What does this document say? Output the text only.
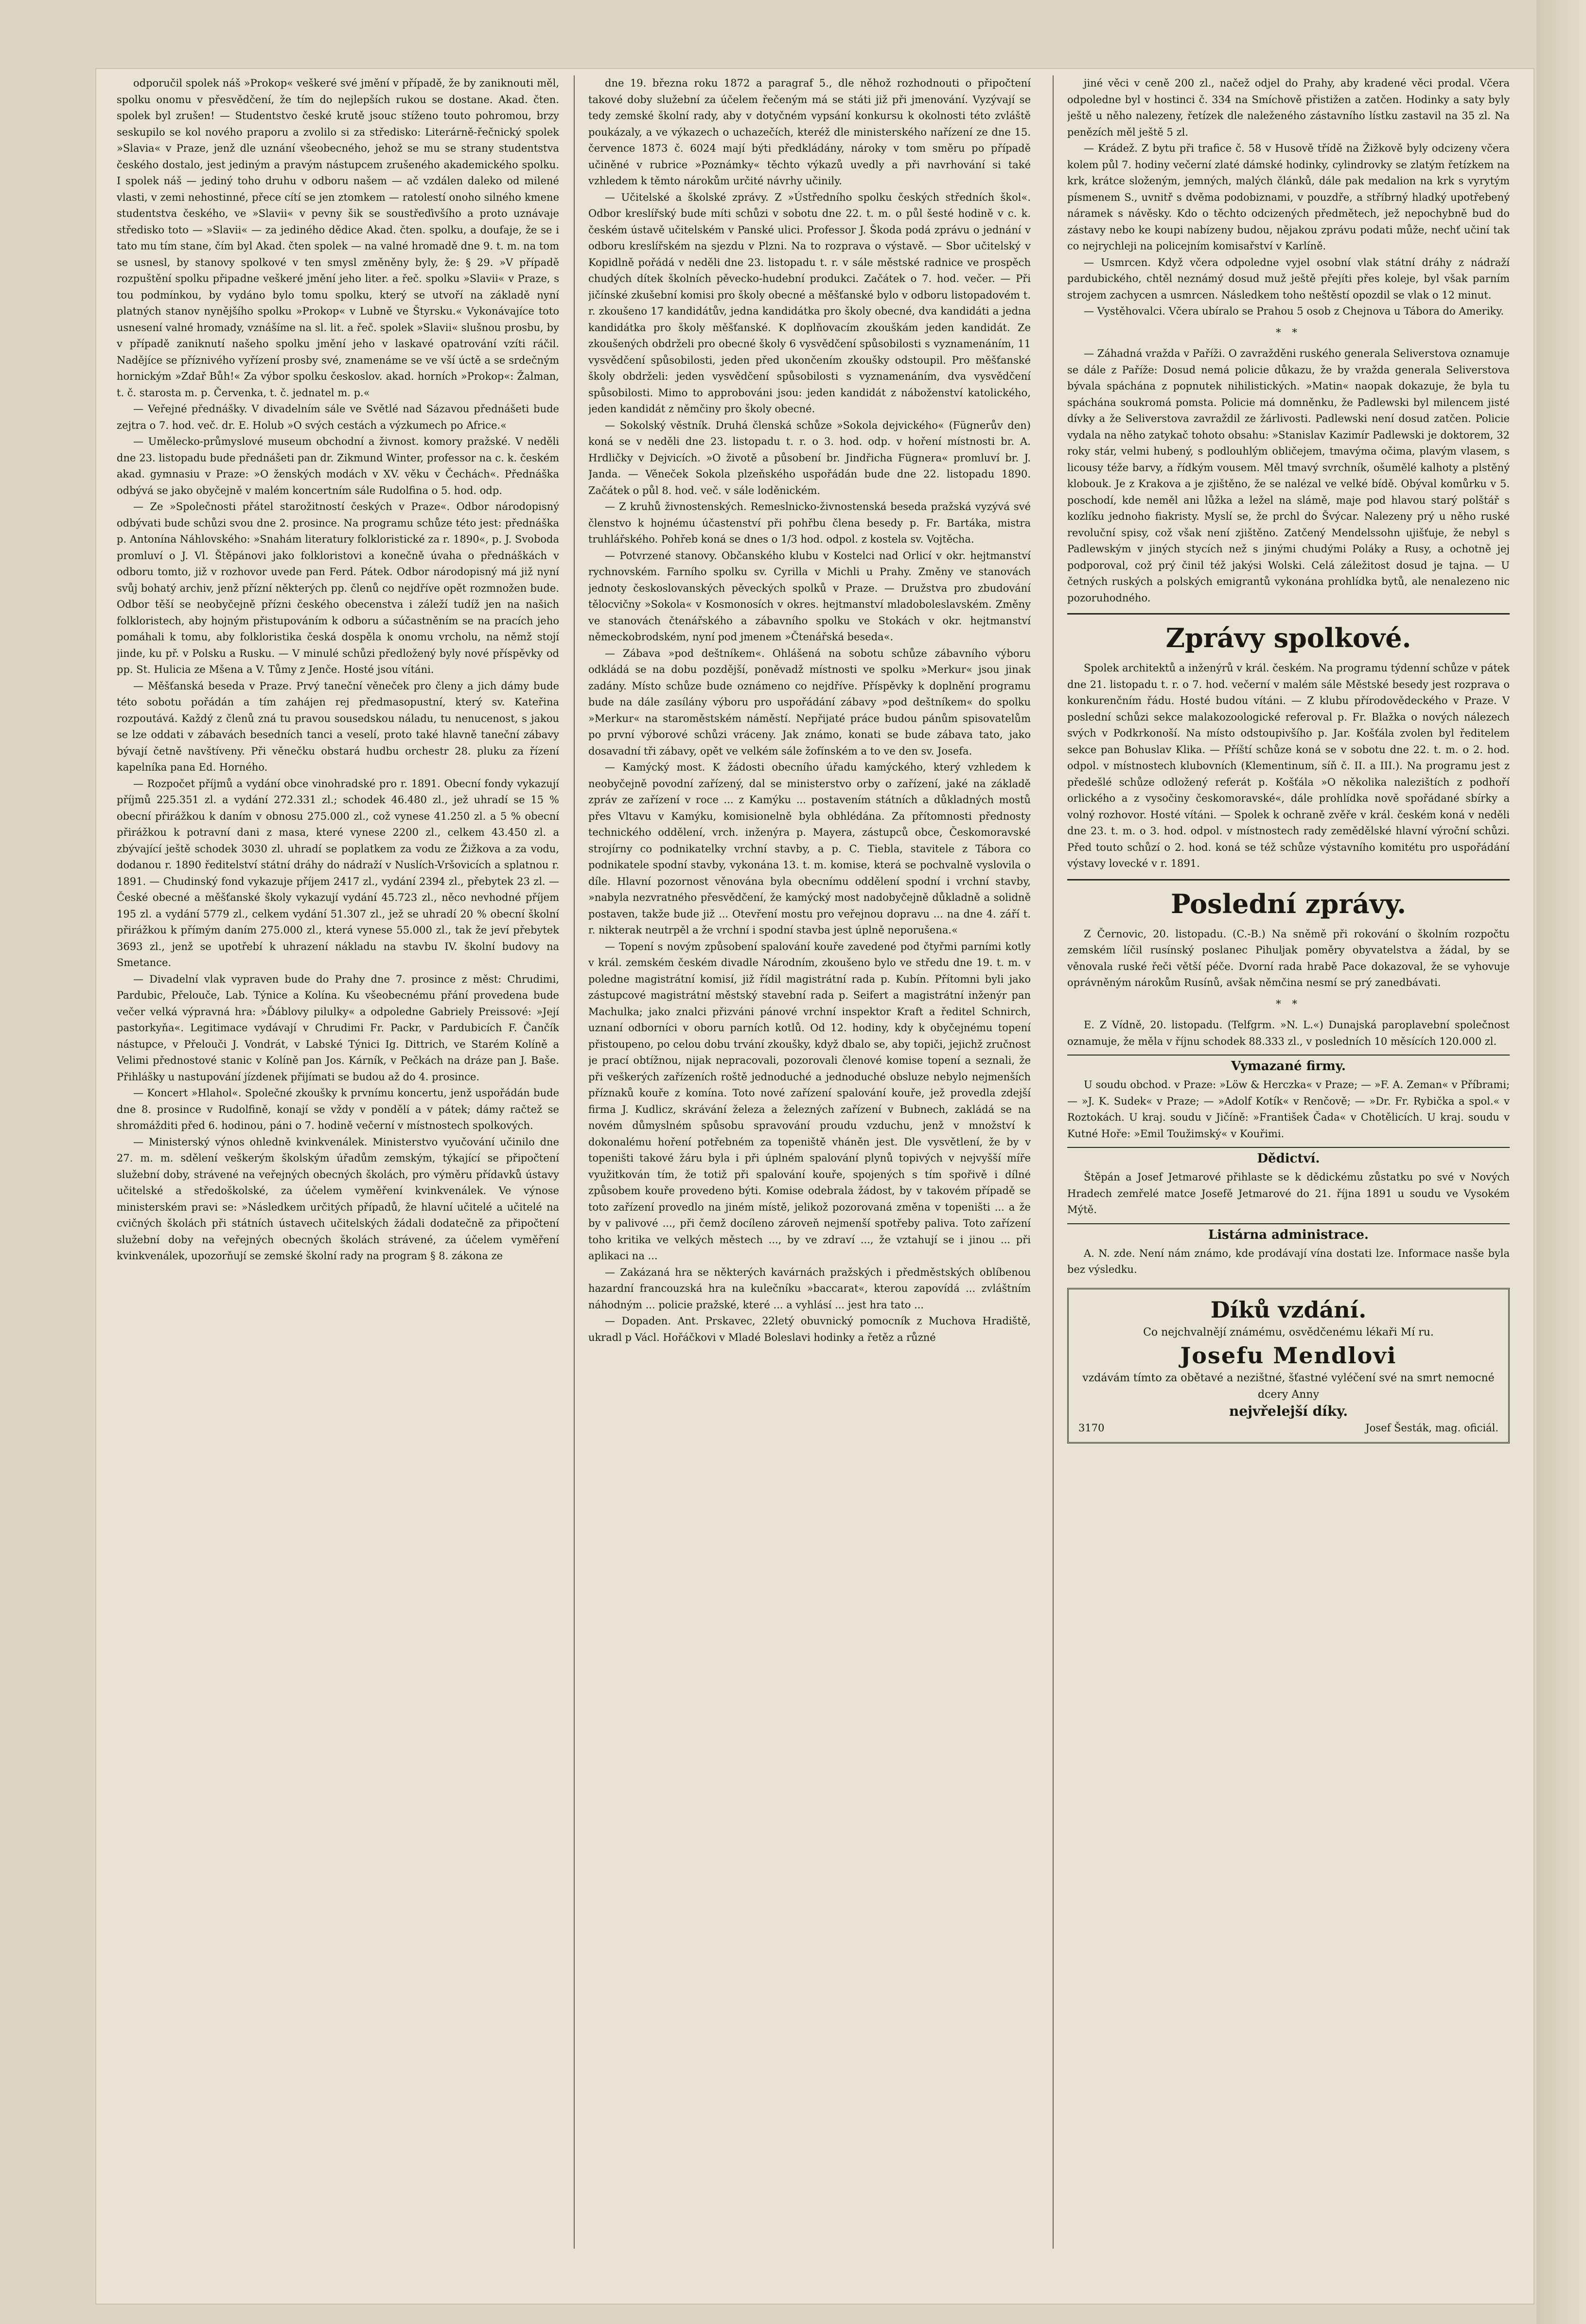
odporučil spolek náš »Prokop« veškeré své jmění v případě, že by zaniknouti měl, spolku onomu v přesvědčení, že tím do nejlepších rukou se dostane. Akad. čten. spolek byl zrušen! — Studentstvo české krutě jsouc stíženo touto pohromou, brzy seskupilo se kol nového praporu a zvolilo si za středisko: Literárně-řečnický spolek »Slavia« v Praze, jenž dle uznání všeobecného, jehož se mu se strany studentstva českého dostalo, jest jediným a pravým nástupcem zrušeného akademického spolku. I spolek náš — jediný toho druhu v odboru našem — ač vzdálen daleko od milené vlasti, v zemi nehostinné, přece cítí se jen ztomkem — ratolestí onoho silného kmene studentstva českého, ve »Slavii« v pevny šik se soustřeďivšího a proto uznávaje středisko toto — »Slavii« — za jediného dědice Akad. čten. spolku, a doufaje, že se i tato mu tím stane, čím byl Akad. čten spolek — na valné hromadě dne 9. t. m. na tom se usnesl, by stanovy spolkové v ten smysl změněny byly, že: § 29. »V případě rozpuštění spolku připadne veškeré jmění jeho liter. a řeč. spolku »Slavii« v Praze, s tou podmínkou, by vydáno bylo tomu spolku, který se utvoří na základě nyní platných stanov nynějšího spolku »Prokop« v Lubně ve Štyrsku.« Vykonávajíce toto usnesení valné hromady, vznášíme na sl. lit. a řeč. spolek »Slavii« slušnou prosbu, by v případě zaniknutí našeho spolku jmění jeho v laskavé opatrování vzíti ráčil. Nadějíce se příznivého vyřízení prosby své, znamenáme se ve vší úctě a se srdečným hornickým »Zdař Bůh!« Za výbor spolku českoslov. akad. horních »Prokop«: Žalman, t. č. starosta m. p. Červenka, t. č. jednatel m. p.«

— Veřejné přednášky. V divadelním sále ve Světlé nad Sázavou přednášeti bude zejtra o 7. hod. več. dr. E. Holub »O svých cestách a výzkumech po Africe.«

— Umělecko-průmyslové museum obchodní a živnost. komory pražské. V neděli dne 23. listopadu bude přednášeti pan dr. Zikmund Winter, professor na c. k. českém akad. gymnasiu v Praze: »O ženských modách v XV. věku v Čechách«. Přednáška odbývá se jako obyčejně v malém koncertním sále Rudolfina o 5. hod. odp.

— Ze »Společnosti přátel starožitností českých v Praze«. Odbor národopisný odbývati bude schůzi svou dne 2. prosince. Na programu schůze této jest: přednáška p. Antonína Náhlovského: »Snahám literatury folkloristické za r. 1890«, p. J. Svoboda promluví o J. Vl. Štěpánovi jako folkloristovi a konečně úvaha o přednáškách v odboru tomto, již v rozhovor uvede pan Ferd. Pátek. Odbor národopisný má již nyní svůj bohatý archiv, jenž přízní některých pp. členů co nejdříve opět rozmnožen bude. Odbor těší se neobyčejně přízni českého obecenstva i záleží tudíž jen na našich folkloristech, aby hojným přistupováním k odboru a súčastněním se na pracích jeho pomáhali k tomu, aby folkloristika česká dospěla k onomu vrcholu, na němž stojí jinde, ku př. v Polsku a Rusku. — V minulé schůzi předložený byly nové příspěvky od pp. St. Hulicia ze Mšena a V. Tůmy z Jenče. Hosté jsou vítáni.

— Měšťanská beseda v Praze. Prvý taneční věneček pro členy a jich dámy bude této sobotu pořádán a tím zahájen rej předmasopustní, který sv. Kateřina rozpoutává. Každý z členů zná tu pravou sousedskou náladu, tu nenucenost, s jakou se lze oddati v zábavách besedních tanci a veselí, proto také hlavně taneční zábavy bývají četně navštíveny. Při věnečku obstará hudbu orchestr 28. pluku za řízení kapelníka pana Ed. Horného.

— Rozpočet příjmů a vydání obce vinohradské pro r. 1891. Obecní fondy vykazují příjmů 225.351 zl. a vydání 272.331 zl.; schodek 46.480 zl., jež uhradí se 15 % obecní přirážkou k daním v obnosu 275.000 zl., což vynese 41.250 zl. a 5 % obecní přirážkou k potravní dani z masa, které vynese 2200 zl., celkem 43.450 zl. a zbývající ještě schodek 3030 zl. uhradí se poplatkem za vodu ze Žižkova a za vodu, dodanou r. 1890 ředitelství státní dráhy do nádraží v Nuslích-Vršovicích a splatnou r. 1891. — Chudinský fond vykazuje příjem 2417 zl., vydání 2394 zl., přebytek 23 zl. — České obecné a měšťanské školy vykazují vydání 45.723 zl., něco nevhodné příjem 195 zl. a vydání 5779 zl., celkem vydání 51.307 zl., jež se uhradí 20 % obecní školní přirážkou k přímým daním 275.000 zl., která vynese 55.000 zl., tak že jeví přebytek 3693 zl., jenž se upotřebí k uhrazení nákladu na stavbu IV. školní budovy na Smetance.

— Divadelní vlak vypraven bude do Prahy dne 7. prosince z měst: Chrudimi, Pardubic, Přelouče, Lab. Týnice a Kolína. Ku všeobecnému přání provedena bude večer velká výpravná hra: »Ďáblovy pilulky« a odpoledne Gabriely Preissové: »Její pastorkyňa«. Legitimace vydávají v Chrudimi Fr. Packr, v Pardubicích F. Čančík nástupce, v Přelouči J. Vondrát, v Labské Týnici Ig. Dittrich, ve Starém Kolíně a Velimi přednostové stanic v Kolíně pan Jos. Kárník, v Pečkách na dráze pan J. Baše. Přihlášky u nastupování jízdenek přijímati se budou až do 4. prosince.

— Koncert »Hlahol«. Společné zkoušky k prvnímu koncertu, jenž uspořádán bude dne 8. prosince v Rudolfině, konají se vždy v pondělí a v pátek; dámy račtež se shromážditi před 6. hodinou, páni o 7. hodině večerní v místnostech spolkových.

— Ministerský výnos ohledně kvinkvenálek. Ministerstvo vyučování učinilo dne 27. m. m. sdělení veškerým školským úřadům zemským, týkající se připočtení služební doby, strávené na veřejných obecných školách, pro výměru přídavků ústavy učitelské a středoškolské, za účelem vyměření kvinkvenálek. Ve výnose ministerském pravi se: »Následkem určitých případů, že hlavní učitelé a učitelé na cvičných školách při státních ústavech učitelských žádali dodatečně za připočtení služební doby na veřejných obecných školách strávené, za účelem vyměření kvinkvenálek, upozorňují se zemské školní rady na program § 8. zákona ze

dne 19. března roku 1872 a paragraf 5., dle něhož rozhodnouti o připočtení takové doby služební za účelem řečeným má se státi již při jmenování. Vyzývají se tedy zemské školní rady, aby v dotyčném vypsání konkursu k okolnosti této zvláště poukázaly, a ve výkazech o uchazečích, kteréž dle ministerského nařízení ze dne 15. července 1873 č. 6024 mají býti předkládány, nároky v tom směru po případě učiněné v rubrice »Poznámky« těchto výkazů uvedly a při navrhování si také vzhledem k těmto nárokům určité návrhy učinily.

— Učitelské a školské zprávy. Z »Ústředního spolku českých středních škol«. Odbor kreslířský bude míti schůzi v sobotu dne 22. t. m. o půl šesté hodině v c. k. českém ústavě učitelském v Panské ulici. Professor J. Škoda podá zprávu o jednání v odboru kreslířském na sjezdu v Plzni. Na to rozprava o výstavě. — Sbor učitelský v Kopidlně pořádá v neděli dne 23. listopadu t. r. v sále městské radnice ve prospěch chudých dítek školních pěvecko-hudební produkci. Začátek o 7. hod. večer. — Při jičínské zkušební komisi pro školy obecné a měšťanské bylo v odboru listopadovém t. r. zkoušeno 17 kandidátův, jedna kandidátka pro školy obecné, dva kandidáti a jedna kandidátka pro školy měšťanské. K doplňovacím zkouškám jeden kandidát. Ze zkoušených obdrželi pro obecné školy 6 vysvědčení spůsobilosti s vyznamenáním, 11 vysvědčení spůsobilosti, jeden před ukončením zkoušky odstoupil. Pro měšťanské školy obdrželi: jeden vysvědčení spůsobilosti s vyznamenáním, dva vysvědčení spůsobilosti. Mimo to approbováni jsou: jeden kandidát z náboženství katolického, jeden kandidát z němčiny pro školy obecné.

— Sokolský věstník. Druhá členská schůze »Sokola dejvického« (Fügnerův den) koná se v neděli dne 23. listopadu t. r. o 3. hod. odp. v hoření místnosti br. A. Hrdličky v Dejvicích. »O životě a působení br. Jindřicha Fügnera« promluví br. J. Janda. — Věneček Sokola plzeňského uspořádán bude dne 22. listopadu 1890. Začátek o půl 8. hod. več. v sále loděnickém.

— Z kruhů živnostenských. Remeslnicko-živnostenská beseda pražská vyzývá své členstvo k hojnému účastenství při pohřbu člena besedy p. Fr. Bartáka, mistra truhlářského. Pohřeb koná se dnes o 1/3 hod. odpol. z kostela sv. Vojtěcha.

— Potvrzené stanovy. Občanského klubu v Kostelci nad Orlicí v okr. hejtmanství rychnovském. Farního spolku sv. Cyrilla v Michli u Prahy. Změny ve stanovách jednoty českoslovanských pěveckých spolků v Praze. — Družstva pro zbudování tělocvičny »Sokola« v Kosmonosích v okres. hejtmanství mladoboleslavském. Změny ve stanovách čtenářského a zábavního spolku ve Stokách v okr. hejtmanství německobrodském, nyní pod jmenem »Čtenářská beseda«.

— Zábava »pod deštníkem«. Ohlášená na sobotu schůze zábavního výboru odkládá se na dobu pozdější, poněvadž místnosti ve spolku »Merkur« jsou jinak zadány. Místo schůze bude oznámeno co nejdříve. Příspěvky k doplnění programu bude na dále zasílány výboru pro uspořádání zábavy »pod deštníkem« do spolku »Merkur« na staroměstském náměstí. Nepřijaté práce budou pánům spisovatelům po první výborové schůzi vráceny. Jak známo, konati se bude zábava tato, jako dosavadní tři zábavy, opět ve velkém sále žofínském a to ve den sv. Josefa.

— Kamýcký most. K žádosti obecního úřadu kamýckého, který vzhledem k neobyčejně povodní zařízený, dal se ministerstvo orby o zařízení, jaké na základě zpráv ze zařízení v roce ... z Kamýku ... postavením státních a důkladných mostů přes Vltavu v Kamýku, komisionelně byla obhlédána. Za přítomnosti přednosty technického oddělení, vrch. inženýra p. Mayera, zástupců obce, Českomoravské strojírny co podnikatelky vrchní stavby, a p. C. Tiebla, stavitele z Tábora co podnikatele spodní stavby, vykonána 13. t. m. komise, která se pochvalně vyslovila o díle. Hlavní pozornost věnována byla obecnímu oddělení spodní i vrchní stavby, »nabyla nezvratného přesvědčení, že kamýcký most nadobyčejně důkladně a solidně postaven, takže bude již ... Otevření mostu pro veřejnou dopravu ... na dne 4. září t. r. nikterak neutrpěl a že vrchní i spodní stavba jest úplně neporušena.«

— Topení s novým způsobení spalování kouře zavedené pod čtyřmi parními kotly v král. zemském českém divadle Národním, zkoušeno bylo ve středu dne 19. t. m. v poledne magistrátní komisí, již řídil magistrátní rada p. Kubín. Přítomni byli jako zástupcové magistrátní městský stavební rada p. Seifert a magistrátní inženýr pan Machulka; jako znalci přizváni pánové vrchní inspektor Kraft a ředitel Schnirch, uznaní odborníci v oboru parních kotlů. Od 12. hodiny, kdy k obyčejnému topení přistoupeno, po celou dobu trvání zkoušky, když dbalo se, aby topiči, jejichž zručnost je prací obtížnou, nijak nepracovali, pozorovali členové komise topení a seznali, že při veškerých zařízeních roště jednoduché a jednoduché obsluze nebylo nejmenších příznaků kouře z komína. Toto nové zařízení spalování kouře, jež provedla zdejší firma J. Kudlicz, skrávání železa a železných zařízení v Bubnech, zakládá se na novém důmyslném spůsobu spravování proudu vzduchu, jenž v množství k dokonalému hoření potřebném za topeniště vháněn jest. Dle vysvětlení, že by v topeništi takové žáru byla i při úplném spalování plynů topivých v nejvyšší míře využitkován tím, že totiž při spalování kouře, spojených s tím spořivě i dílné způsobem kouře provedeno býti. Komise odebrala žádost, by v takovém případě se toto zařízení provedlo na jiném místě, jelikož pozorovaná změna v topeništi ... a že by v palivové ..., při čemž docíleno zároveň nejmenší spotřeby paliva. Toto zařízení toho kritika ve velkých městech ..., by ve zdraví ..., že vztahují se i jinou ... při aplikaci na ...

— Zakázaná hra se některých kavárnách pražských i předměstských oblíbenou hazardní francouzská hra na kulečníku »baccarat«, kterou zapovídá ... zvláštním náhodným ... policie pražské, které ... a vyhlásí ... jest hra tato ...

— Dopaden. Ant. Prskavec, 22letý obuvnický pomocník z Muchova Hradiště, ukradl p Václ. Hořáčkovi v Mladé Boleslavi hodinky a řetěz a různé

jiné věci v ceně 200 zl., načež odjel do Prahy, aby kradené věci prodal. Včera odpoledne byl v hostinci č. 334 na Smíchově přistižen a zatčen. Hodinky a saty byly ještě u něho nalezeny, řetízek dle naleženého zástavního lístku zastavil na 35 zl. Na penězích měl ještě 5 zl.

— Krádež. Z bytu při trafice č. 58 v Husově třídě na Žižkově byly odcizeny včera kolem půl 7. hodiny večerní zlaté dámské hodinky, cylindrovky se zlatým řetízkem na krk, krátce složeným, jemných, malých článků, dále pak medalion na krk s vyrytým písmenem S., uvnitř s dvěma podobiznami, v pouzdře, a stříbrný hladký upotřebený náramek s návěsky. Kdo o těchto odcizených předmětech, jež nepochybně bud do zástavy nebo ke koupi nabízeny budou, nějakou zprávu podati může, nechť učiní tak co nejrychleji na policejním komisařství v Karlíně.

— Usmrcen. Když včera odpoledne vyjel osobní vlak státní dráhy z nádraží pardubického, chtěl neznámý dosud muž ještě přejíti přes koleje, byl však parním strojem zachycen a usmrcen. Následkem toho neštěstí opozdil se vlak o 12 minut.

— Vystěhovalci. Včera ubíralo se Prahou 5 osob z Chejnova u Tábora do Ameriky.

* *

— Záhadná vražda v Paříži. O zavražděni ruského generala Seliverstova oznamuje se dále z Paříže: Dosud nemá policie důkazu, že by vražda generala Seliverstova bývala spáchána z popnutek nihilistických. »Matin« naopak dokazuje, že byla tu spáchána soukromá pomsta. Policie má domněnku, že Padlewski byl milencem jisté dívky a že Seliverstova zavraždil ze žárlivosti. Padlewski není dosud zatčen. Policie vydala na něho zatykač tohoto obsahu: »Stanislav Kazimír Padlewski je doktorem, 32 roky stár, velmi hubený, s podlouhlým obličejem, tmavýma očima, plavým vlasem, s licousy téže barvy, a řídkým vousem. Měl tmavý svrchník, ošumělé kalhoty a plstěný klobouk. Je z Krakova a je zjištěno, že se nalézal ve velké bídě. Obýval komůrku v 5. poschodí, kde neměl ani lůžka a ležel na slámě, maje pod hlavou starý polštář s kozlíku jednoho fiakristy. Myslí se, že prchl do Švýcar. Nalezeny prý u něho ruské revoluční spisy, což však není zjištěno. Zatčený Mendelssohn ujišťuje, že nebyl s Padlewským v jiných stycích než s jinými chudými Poláky a Rusy, a ochotně jej podporoval, což prý činil též jakýsi Wolski. Celá záležitost dosud je tajna. — U četných ruských a polských emigrantů vykonána prohlídka bytů, ale nenalezeno nic pozoruhodného.

Zprávy spolkové.

Spolek architektů a inženýrů v král. českém. Na programu týdenní schůze v pátek dne 21. listopadu t. r. o 7. hod. večerní v malém sále Městské besedy jest rozprava o konkurenčním řádu. Hosté budou vítáni. — Z klubu přírodovědeckého v Praze. V poslední schůzi sekce malakozoologické referoval p. Fr. Blažka o nových nálezech svých v Podkrkonoší. Na místo odstoupivšího p. Jar. Košťála zvolen byl ředitelem sekce pan Bohuslav Klika. — Příští schůze koná se v sobotu dne 22. t. m. o 2. hod. odpol. v místnostech klubovních (Klementinum, síň č. II. a III.). Na programu jest z předešlé schůze odložený referát p. Košťála »O několika nalezištích z podhoří orlického a z vysočiny českomoravské«, dále prohlídka nově spořádané sbírky a volný rozhovor. Hosté vítáni. — Spolek k ochraně zvěře v král. českém koná v neděli dne 23. t. m. o 3. hod. odpol. v místnostech rady zemědělské hlavní výroční schůzi. Před touto schůzí o 2. hod. koná se též schůze výstavního komitétu pro uspořádání výstavy lovecké v r. 1891.

Poslední zprávy.

Z Černovic, 20. listopadu. (C.-B.) Na sněmě při rokování o školním rozpočtu zemském líčil rusínský poslanec Pihuljak poměry obyvatelstva a žádal, by se věnovala ruské řeči větší péče. Dvorní rada hrabě Pace dokazoval, že se vyhovuje oprávněným nárokům Rusínů, avšak němčina nesmí se prý zanedbávati.

* *

E. Z Vídně, 20. listopadu. (Telfgrm. »N. L.«) Dunajská paroplavební společnost oznamuje, že měla v říjnu schodek 88.333 zl., v posledních 10 měsících 120.000 zl.

Vymazané firmy.

U soudu obchod. v Praze: »Löw & Herczka« v Praze; — »F. A. Zeman« v Příbrami; — »J. K. Sudek« v Praze; — »Adolf Kotík« v Renčově; — »Dr. Fr. Rybička a spol.« v Roztokách. U kraj. soudu v Jičíně: »František Čada« v Chotělicích. U kraj. soudu v Kutné Hoře: »Emil Toužimský« v Kouřimi.

Dědictví.

Štěpán a Josef Jetmarové přihlaste se k dědickému zůstatku po své v Nových Hradech zemřelé matce Josefě Jetmarové do 21. října 1891 u soudu ve Vysokém Mýtě.

Listárna administrace.

A. N. zde. Není nám známo, kde prodávají vína dostati lze. Informace nasše byla bez výsledku.

Díků vzdání.
Co nejchvalnějí známému, osvědčenému lékaři Mí ru.
Josefu Mendlovi
vzdávám tímto za obětavé a nezištné, šťastné vyléčení své na smrt nemocné dcery Anny
nejvřelejší díky.
3170	Josef Šesták, mag. oficiál.
